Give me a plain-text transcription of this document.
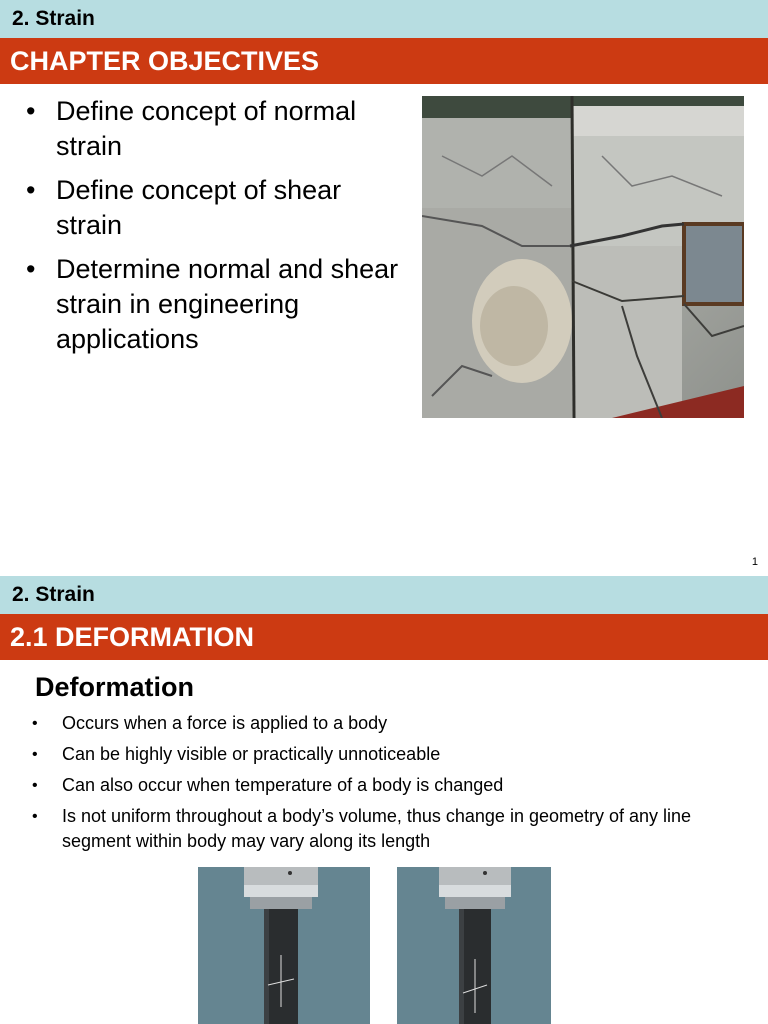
2. Strain
CHAPTER OBJECTIVES
• Define concept of normal strain
• Define concept of shear strain
• Determine normal and shear strain in engineering applications
1
2. Strain
2.1 DEFORMATION
Deformation
• Occurs when a force is applied to a body
• Can be highly visible or practically unnoticeable
• Can also occur when temperature of a body is changed
• Is not uniform throughout a body’s volume, thus change in geometry of any line segment within body may vary along its length
